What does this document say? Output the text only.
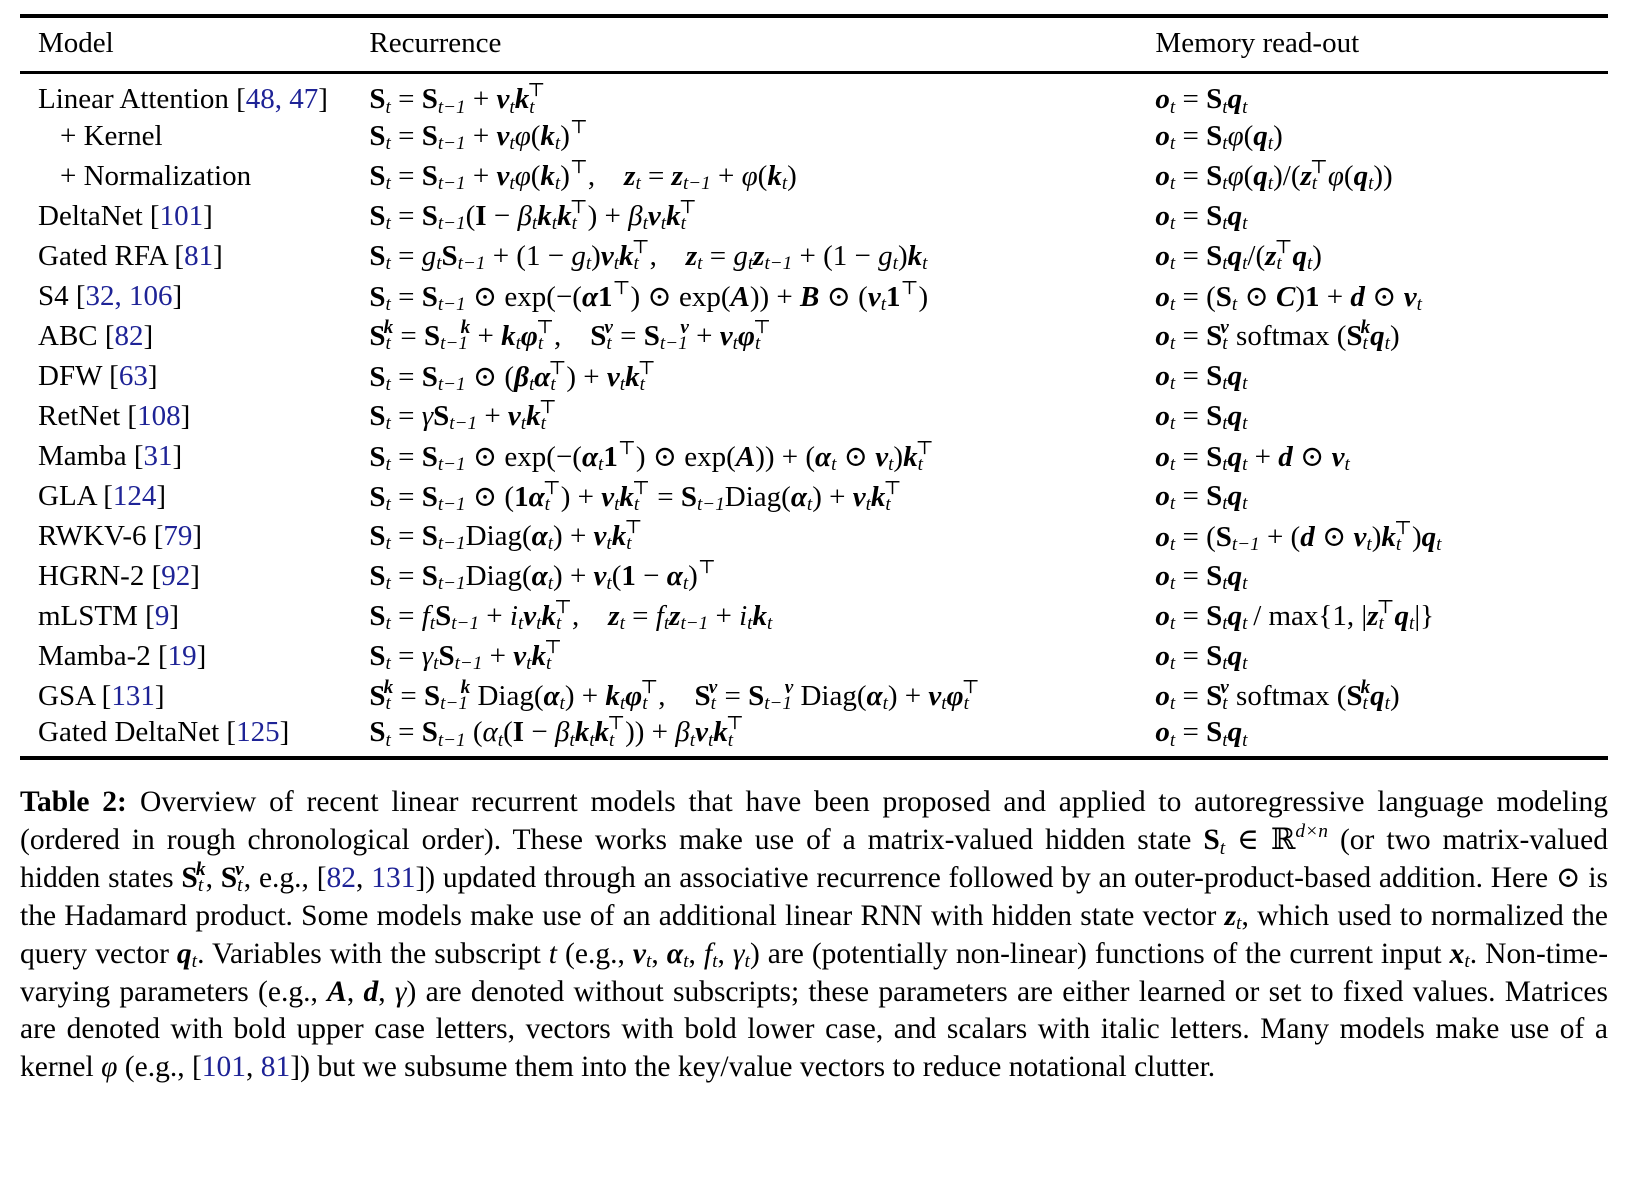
Model	Recurrence	Memory read-out
Linear Attention [48, 47]	$S_t = S_{t-1} + v_tk_t^⊤$	$o_t = S_tq_t$
+ Kernel	$S_t = S_{t-1} + v_t\varphi(k_t)^⊤$	$o_t = S_t\varphi(q_t)$
+ Normalization	$S_t = S_{t-1} + v_t\varphi(k_t)^⊤$, $z_t = z_{t-1} + \varphi(k_t)$	$o_t = S_t\varphi(q_t)/(z_t^⊤\varphi(q_t))$
DeltaNet [101]	$S_t = S_{t-1}(I - \beta_tk_tk_t^⊤) + \beta_tv_tk_t^⊤$	$o_t = S_tq_t$
Gated RFA [81]	$S_t = g_tS_{t-1} + (1 - g_t)v_tk_t^⊤$, $z_t = g_tz_{t-1} + (1 - g_t)k_t$	$o_t = S_tq_t/(z_t^⊤q_t)$
S4 [32, 106]	$S_t = S_{t-1}$ ⊙ exp(−(α1⊤) ⊙ exp(A)) + B ⊙ $(v_t1^⊤)$	$o_t = (S_t$ ⊙ C)1 + d ⊙ $v_t$
ABC [82]	$S_t^k = S_{t-1}^k + k_t\varphi_t^⊤$, $S_t^v = S_{t-1}^v + v_t\varphi_t^⊤$	$o_t = S_t^v$ softmax $(S_t^kq_t)$
DFW [63]	$S_t = S_{t-1}$ ⊙ $(\beta_t\alpha_t^⊤) + v_tk_t^⊤$	$o_t = S_tq_t$
RetNet [108]	$S_t = \gamma S_{t-1} + v_tk_t^⊤$	$o_t = S_tq_t$
Mamba [31]	$S_t = S_{t-1}$ ⊙ $\exp(-(\alpha_t1^⊤)$ ⊙ $\exp(A)) + (\alpha_t$ ⊙ $v_t)k_t^⊤$	$o_t = S_tq_t + d$ ⊙ $v_t$
GLA [124]	$S_t = S_{t-1}$ ⊙ $(1\alpha_t^⊤) + v_tk_t^⊤$ = $S_{t-1}Diag(\alpha_t) + v_tk_t^⊤$	$o_t = S_tq_t$
RWKV-6 [79]	$S_t$ = $S_{t-1}Diag(\alpha_t) + v_tk_t^⊤$	$o_t = (S_{t-1} + (d$ ⊙ $v_t)k_t^⊤)q_t$
HGRN-2 [92]	$S_t$ = $S_{t-1}Diag(\alpha_t) + v_t(1 - \alpha_t)^⊤$	$o_t = S_tq_t$
mLSTM [9]	$S_t = f_tS_{t-1} + i_tv_tk_t^⊤$, $z_t = f_tz_{t-1} + i_tk_t$	$o_t = S_tq_t / \max\{1$, $|z_t^⊤q_t|$}
Mamba-2 [19]	$S_t = \gamma_tS_{t-1} + v_tk_t^⊤$	$o_t = S_tq_t$
GSA [131]	$S_t^k = S_{t-1}^k$ $Diag(\alpha_t) + k_t\varphi_t^⊤$, $S_t^v = S_{t-1}^v$ $Diag(\alpha_t) + v_t\varphi_t^⊤$	$o_t = S_t^v$ softmax $(S_t^kq_t)$
Gated DeltaNet [125]	$S_t = S_{t-1}$ $(\alpha_t(I - \beta_tk_tk_t^⊤)) + \beta_tv_tk_t^⊤$	$o_t = S_tq_t$

Table 2: Overview of recent linear recurrent models that have been proposed and applied to autoregressive language modeling (ordered in rough chronological order). These works make use of a matrix-valued hidden state $S_t$ ∈ ℝ$^{d\times n}$ (or two matrix-valued hidden states $S_t^k$, $S_t^v$, e.g., [82, 131]) updated through an associative recurrence followed by an outer-product-based addition. Here ⊙ is the Hadamard product. Some models make use of an additional linear RNN with hidden state vector $z_t$, which used to normalized the query vector $q_t$. Variables with the subscript t (e.g., $v_t$, $\alpha_t$, $f_t$, $\gamma_t$) are (potentially non-linear) functions of the current input $x_t$. Non-time-varying parameters (e.g., A, d, γ) are denoted without subscripts; these parameters are either learned or set to fixed values. Matrices are denoted with bold upper case letters, vectors with bold lower case, and scalars with italic letters. Many models make use of a kernel φ (e.g., [101, 81]) but we subsume them into the key/value vectors to reduce notational clutter.
